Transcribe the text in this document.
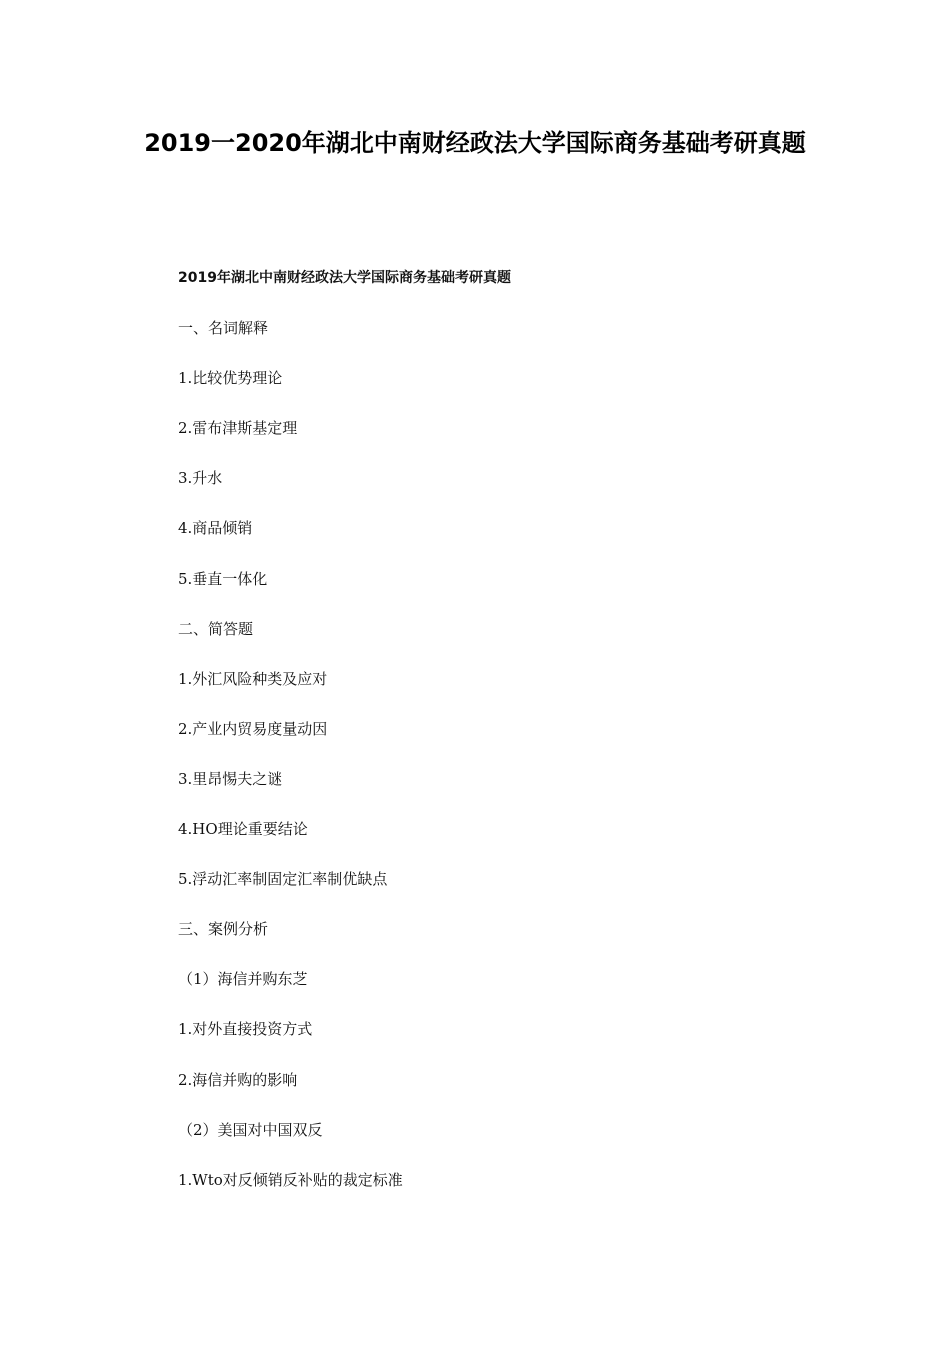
2019一2020年湖北中南财经政法大学国际商务基础考研真题
2019年湖北中南财经政法大学国际商务基础考研真题
一、名词解释
1.比较优势理论
2.雷布津斯基定理
3.升水
4.商品倾销
5.垂直一体化
二、简答题
1.外汇风险种类及应对
2.产业内贸易度量动因
3.里昂惕夫之谜
4.HO理论重要结论
5.浮动汇率制固定汇率制优缺点
三、案例分析
（1）海信并购东芝
1.对外直接投资方式
2.海信并购的影响
（2）美国对中国双反
1.Wto对反倾销反补贴的裁定标准
